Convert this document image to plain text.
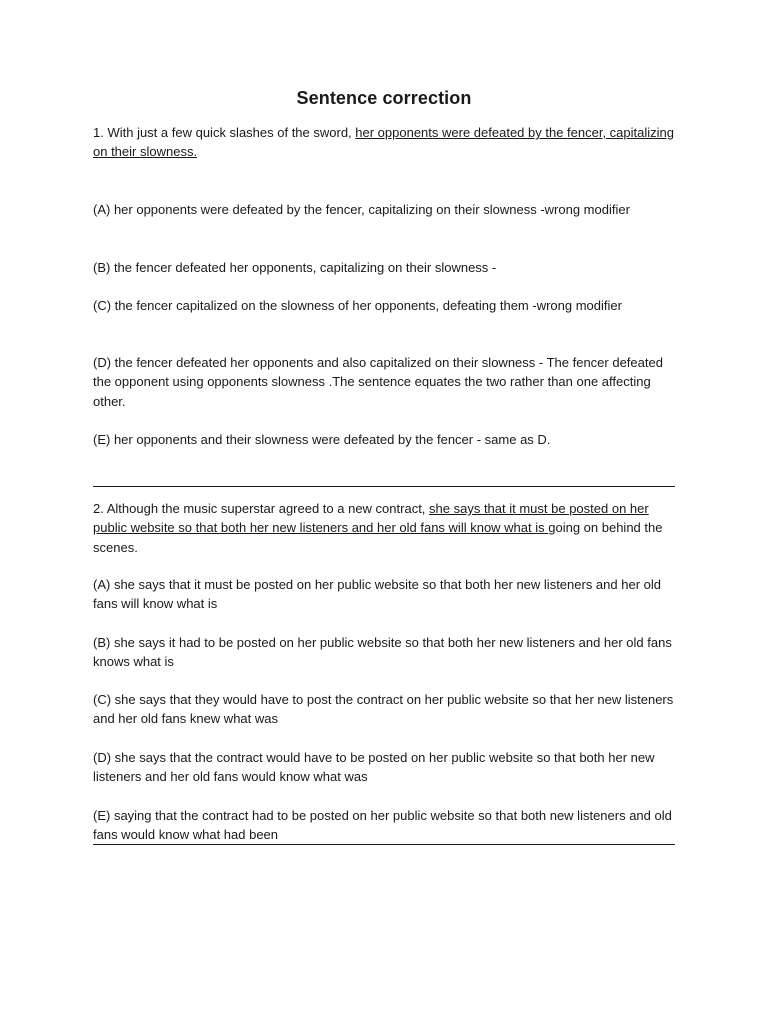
Sentence correction
1. With just a few quick slashes of the sword, her opponents were defeated by the fencer, capitalizing on their slowness.
(A) her opponents were defeated by the fencer, capitalizing on their slowness -wrong modifier
(B) the fencer defeated her opponents, capitalizing on their slowness -
(C) the fencer capitalized on the slowness of her opponents, defeating them -wrong modifier
(D) the fencer defeated her opponents and also capitalized on their slowness - The fencer defeated the opponent using opponents slowness .The sentence equates the two rather than one affecting other.
(E) her opponents and their slowness were defeated by the fencer - same as D.
2. Although the music superstar agreed to a new contract, she says that it must be posted on her public website so that both her new listeners and her old fans will know what is going on behind the scenes.
(A) she says that it must be posted on her public website so that both her new listeners and her old fans will know what is
(B) she says it had to be posted on her public website so that both her new listeners and her old fans knows what is
(C) she says that they would have to post the contract on her public website so that her new listeners and her old fans knew what was
(D) she says that the contract would have to be posted on her public website so that both her new listeners and her old fans would know what was
(E) saying that the contract had to be posted on her public website so that both new listeners and old fans would know what had been
